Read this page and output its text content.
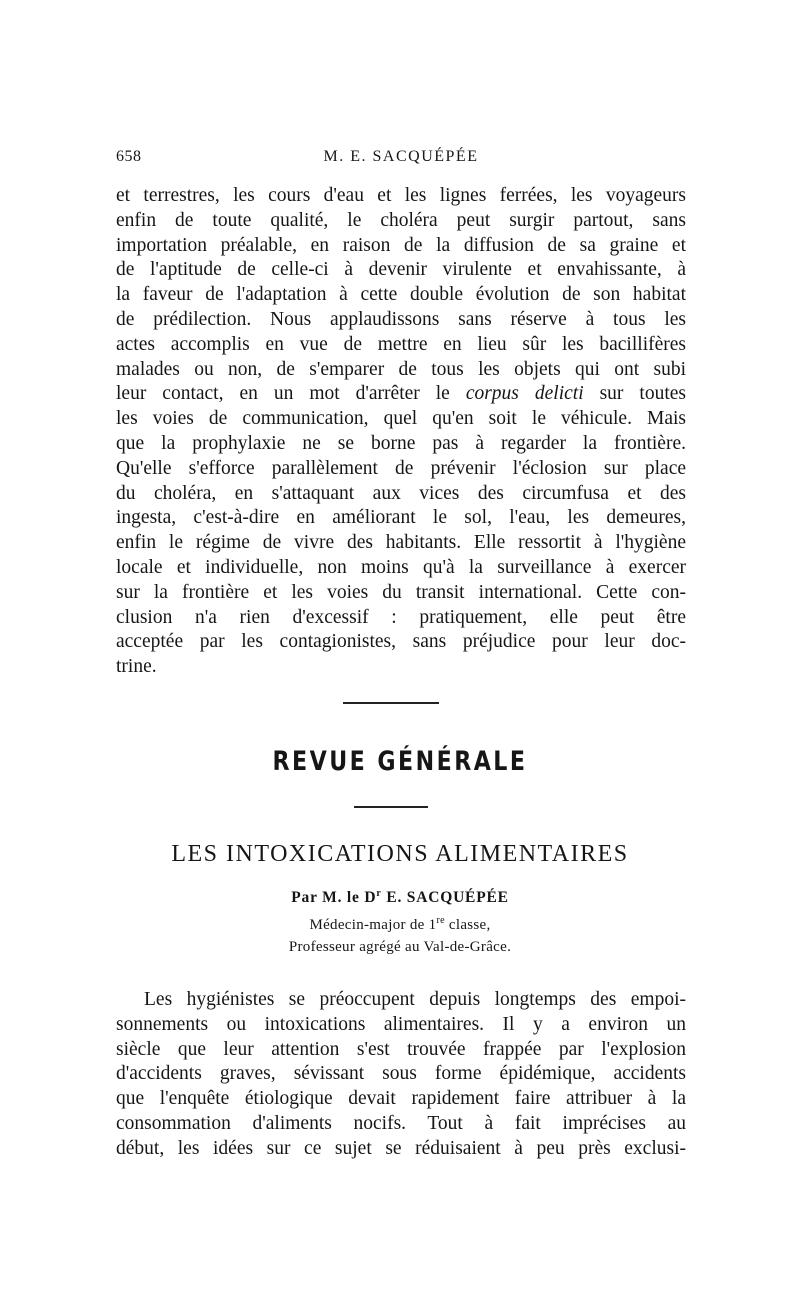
658	M. E. SACQUÉPÉE
et terrestres, les cours d'eau et les lignes ferrées, les voyageurs
enfin de toute qualité, le choléra peut surgir partout, sans
importation préalable, en raison de la diffusion de sa graine et
de l'aptitude de celle-ci à devenir virulente et envahissante, à
la faveur de l'adaptation à cette double évolution de son habitat
de prédilection. Nous applaudissons sans réserve à tous les
actes accomplis en vue de mettre en lieu sûr les bacillifères
malades ou non, de s'emparer de tous les objets qui ont subi
leur contact, en un mot d'arrêter le corpus delicti sur toutes
les voies de communication, quel qu'en soit le véhicule. Mais
que la prophylaxie ne se borne pas à regarder la frontière.
Qu'elle s'efforce parallèlement de prévenir l'éclosion sur place
du choléra, en s'attaquant aux vices des circumfusa et des
ingesta, c'est-à-dire en améliorant le sol, l'eau, les demeures,
enfin le régime de vivre des habitants. Elle ressortit à l'hygiène
locale et individuelle, non moins qu'à la surveillance à exercer
sur la frontière et les voies du transit international. Cette con-
clusion n'a rien d'excessif : pratiquement, elle peut être
acceptée par les contagionistes, sans préjudice pour leur doc-
trine.
REVUE GÉNÉRALE
LES INTOXICATIONS ALIMENTAIRES
Par M. le $D^r$ E. SACQUÉPÉE
Médecin-major de 1re classe,
Professeur agrégé au Val-de-Grâce.
Les hygiénistes se préoccupent depuis longtemps des empoi-
sonnements ou intoxications alimentaires. Il y a environ un
siècle que leur attention s'est trouvée frappée par l'explosion
d'accidents graves, sévissant sous forme épidémique, accidents
que l'enquête étiologique devait rapidement faire attribuer à la
consommation d'aliments nocifs. Tout à fait imprécises au
début, les idées sur ce sujet se réduisaient à peu près exclusi-
